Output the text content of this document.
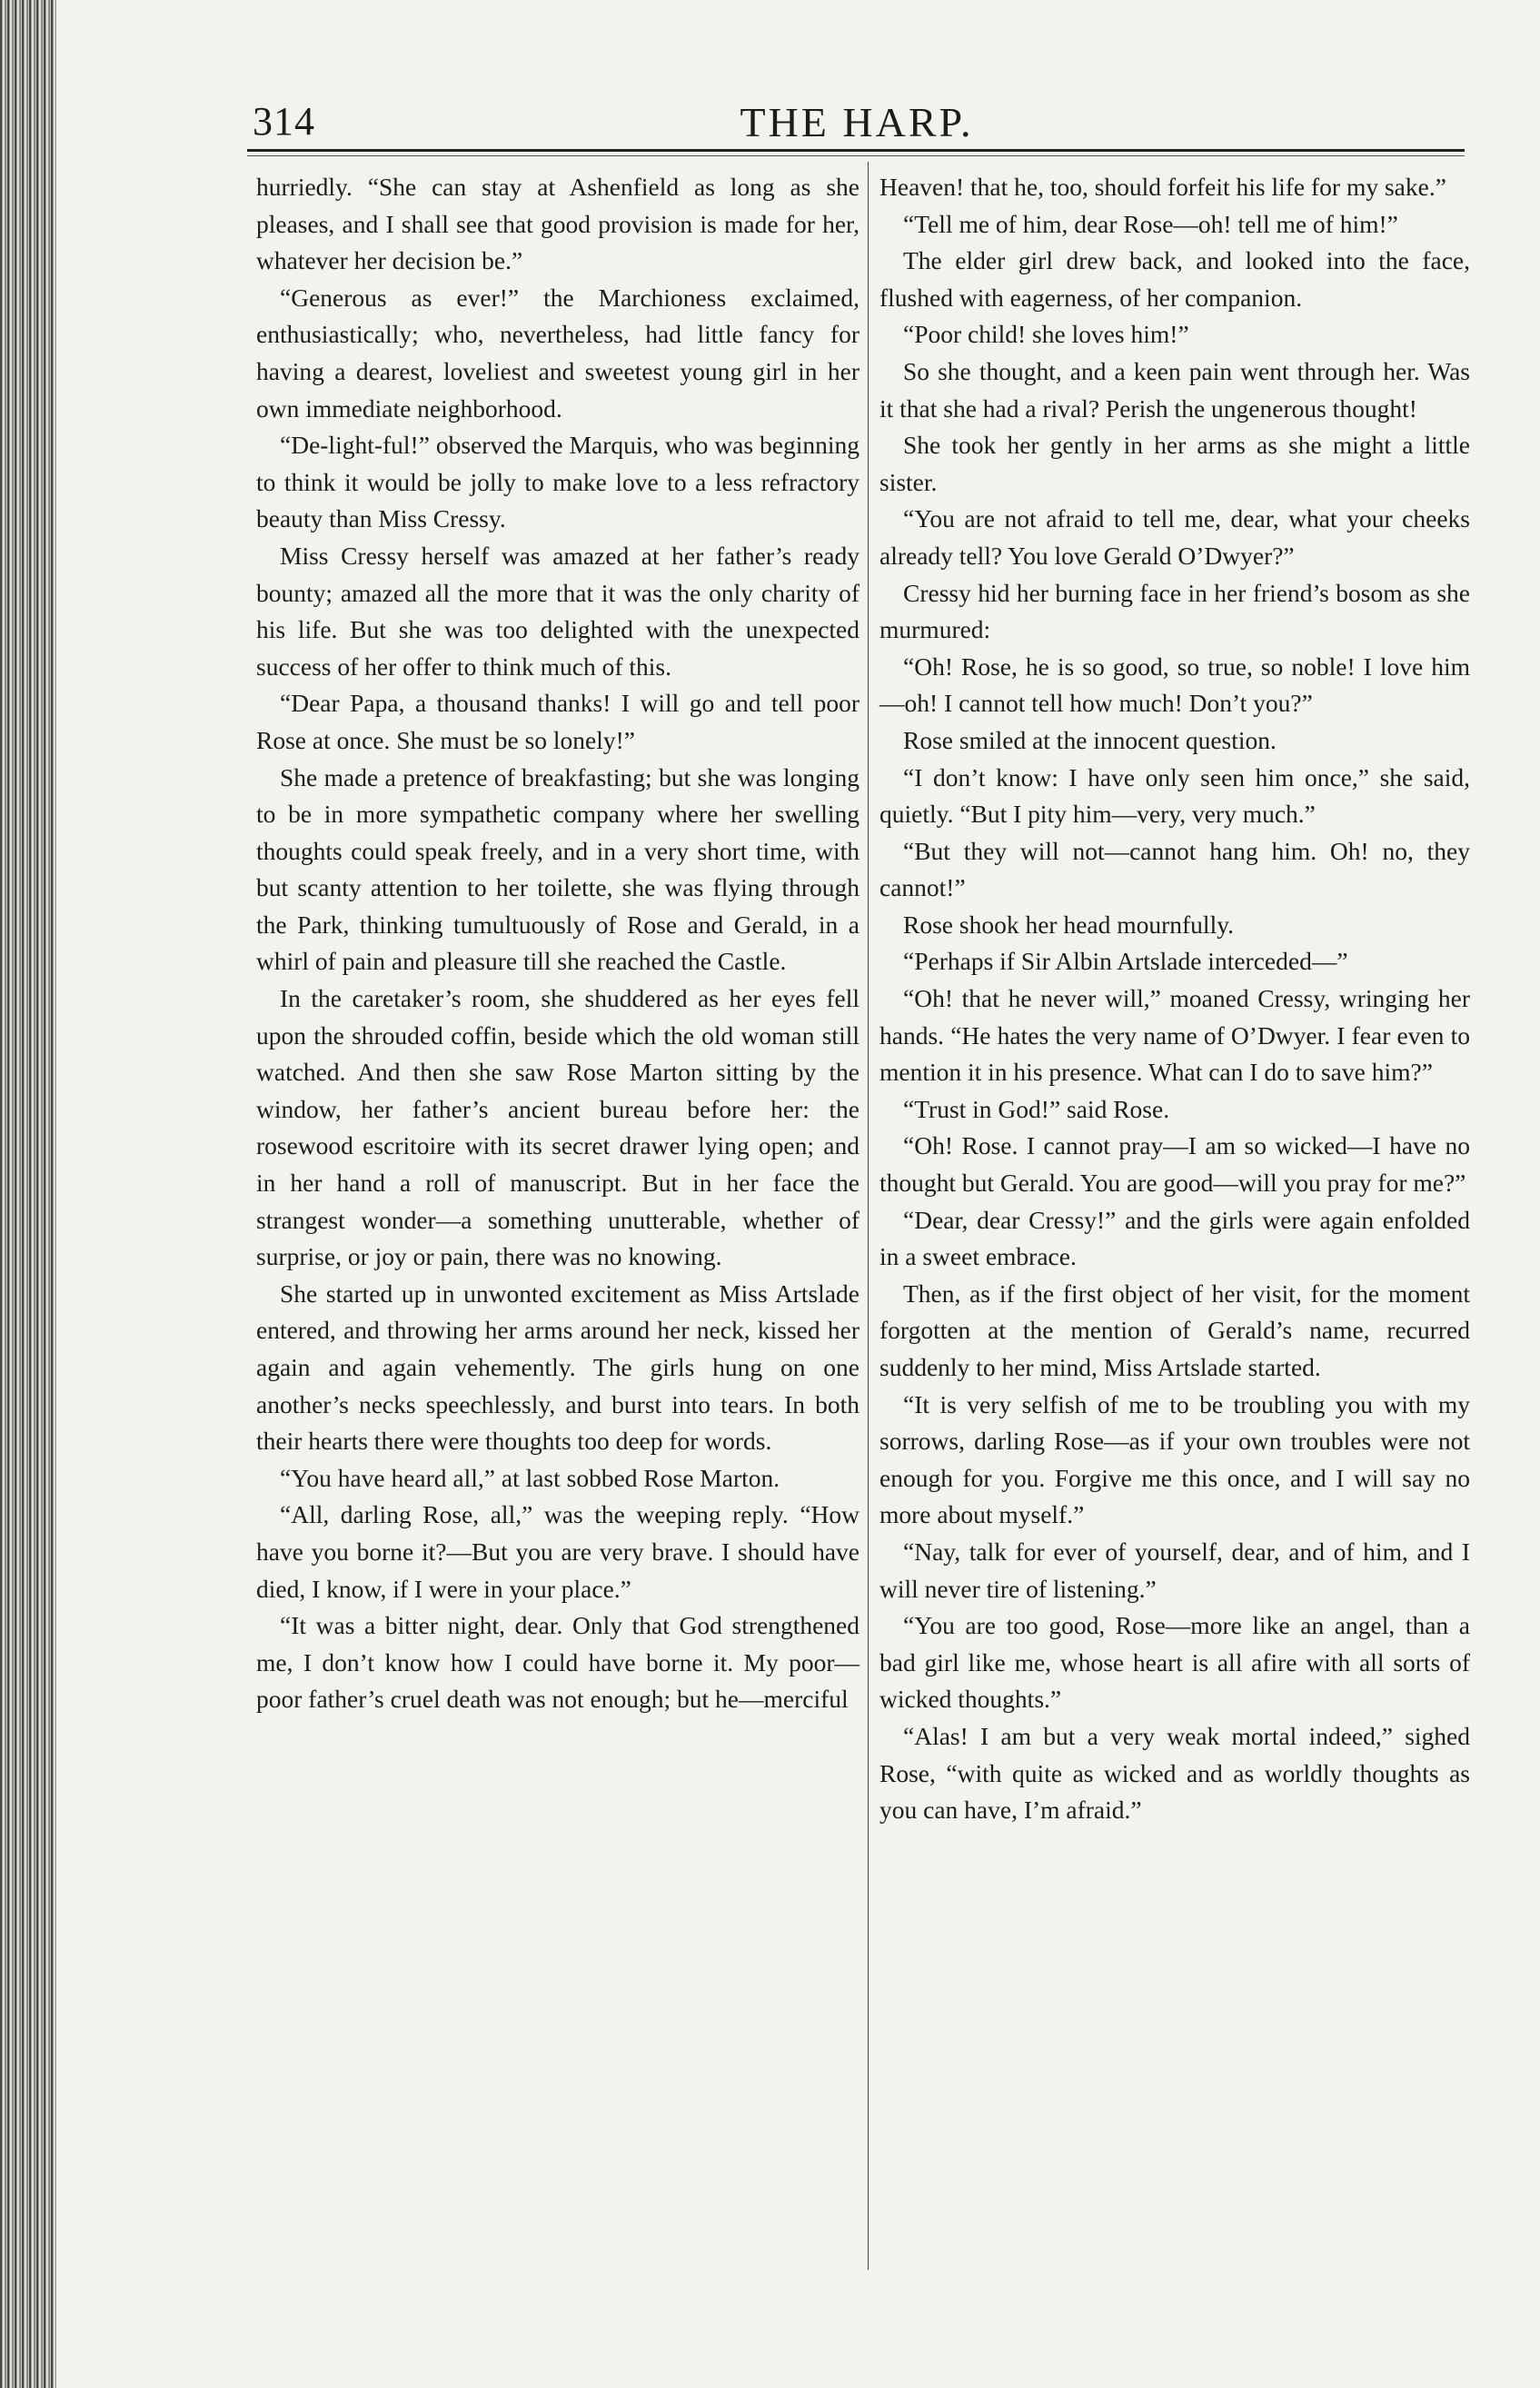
314	THE HARP.

hurriedly. “She can stay at Ashenfield as long as she pleases, and I shall see that good provision is made for her, whatever her decision be.”

“Generous as ever!” the Marchioness exclaimed, enthusiastically; who, nevertheless, had little fancy for having a dearest, loveliest and sweetest young girl in her own immediate neighborhood.

“De-light-ful!” observed the Marquis, who was beginning to think it would be jolly to make love to a less refractory beauty than Miss Cressy.

Miss Cressy herself was amazed at her father’s ready bounty; amazed all the more that it was the only charity of his life. But she was too delighted with the unexpected success of her offer to think much of this.

“Dear Papa, a thousand thanks! I will go and tell poor Rose at once. She must be so lonely!”

She made a pretence of breakfasting; but she was longing to be in more sympathetic company where her swelling thoughts could speak freely, and in a very short time, with but scanty attention to her toilette, she was flying through the Park, thinking tumultuously of Rose and Gerald, in a whirl of pain and pleasure till she reached the Castle.

In the caretaker’s room, she shuddered as her eyes fell upon the shrouded coffin, beside which the old woman still watched. And then she saw Rose Marton sitting by the window, her father’s ancient bureau before her: the rosewood escritoire with its secret drawer lying open; and in her hand a roll of manuscript. But in her face the strangest wonder—a something unutterable, whether of surprise, or joy or pain, there was no knowing.

She started up in unwonted excitement as Miss Artslade entered, and throwing her arms around her neck, kissed her again and again vehemently. The girls hung on one another’s necks speechlessly, and burst into tears. In both their hearts there were thoughts too deep for words.

“You have heard all,” at last sobbed Rose Marton.

“All, darling Rose, all,” was the weeping reply. “How have you borne it?—But you are very brave. I should have died, I know, if I were in your place.”

“It was a bitter night, dear. Only that God strengthened me, I don’t know how I could have borne it. My poor—poor father’s cruel death was not enough; but he—merciful

Heaven! that he, too, should forfeit his life for my sake.”

“Tell me of him, dear Rose—oh! tell me of him!”

The elder girl drew back, and looked into the face, flushed with eagerness, of her companion.

“Poor child! she loves him!”

So she thought, and a keen pain went through her. Was it that she had a rival? Perish the ungenerous thought!

She took her gently in her arms as she might a little sister.

“You are not afraid to tell me, dear, what your cheeks already tell? You love Gerald O’Dwyer?”

Cressy hid her burning face in her friend’s bosom as she murmured:

“Oh! Rose, he is so good, so true, so noble! I love him—oh! I cannot tell how much! Don’t you?”

Rose smiled at the innocent question.

“I don’t know: I have only seen him once,” she said, quietly. “But I pity him—very, very much.”

“But they will not—cannot hang him. Oh! no, they cannot!”

Rose shook her head mournfully.

“Perhaps if Sir Albin Artslade interceded—”

“Oh! that he never will,” moaned Cressy, wringing her hands. “He hates the very name of O’Dwyer. I fear even to mention it in his presence. What can I do to save him?”

“Trust in God!” said Rose.

“Oh! Rose. I cannot pray—I am so wicked—I have no thought but Gerald. You are good—will you pray for me?”

“Dear, dear Cressy!” and the girls were again enfolded in a sweet embrace.

Then, as if the first object of her visit, for the moment forgotten at the mention of Gerald’s name, recurred suddenly to her mind, Miss Artslade started.

“It is very selfish of me to be troubling you with my sorrows, darling Rose—as if your own troubles were not enough for you. Forgive me this once, and I will say no more about myself.”

“Nay, talk for ever of yourself, dear, and of him, and I will never tire of listening.”

“You are too good, Rose—more like an angel, than a bad girl like me, whose heart is all afire with all sorts of wicked thoughts.”

“Alas! I am but a very weak mortal indeed,” sighed Rose, “with quite as wicked and as worldly thoughts as you can have, I’m afraid.”
